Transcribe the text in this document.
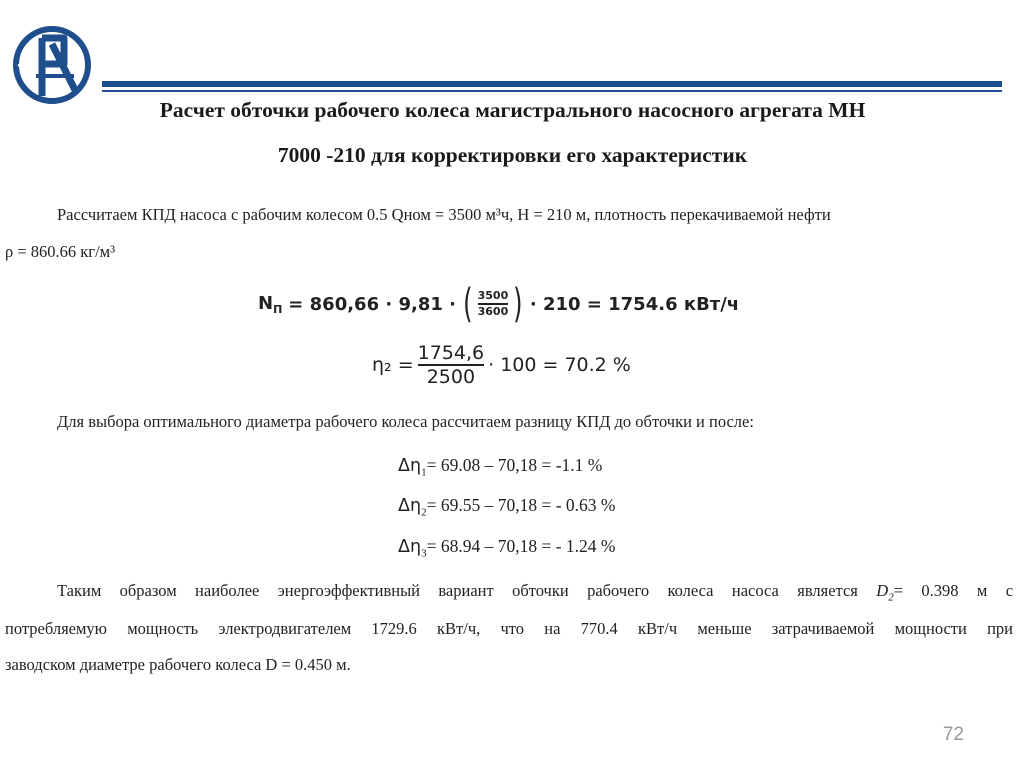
Расчет обточки рабочего колеса магистрального насосного агрегата МН
7000 -210 для корректировки его характеристик
Рассчитаем КПД насоса с рабочим колесом 0.5 Qном = 3500 м³ч, Н = 210 м, плотность перекачиваемой нефти
ρ = 860.66 кг/м³
$N_П = 860,66 \cdot 9,81$ · ( $\frac{3500}{3600}$ ) · 210 = 1754.6 кВт/ч
$\eta_2 = \frac{1754,6}{2500} \cdot 100 = 70.2$ %
Для выбора оптимального диаметра рабочего колеса рассчитаем разницу КПД до обточки и после:
$\Delta\eta_1= 69.08 - 70,18 = -1.1$ %
$\Delta\eta_2= 69.55 - 70,18$ = - 0.63 %
$\Delta\eta_3= 68.94 - 70,18$ = - 1.24 %
Таким образом наиболее энергоэффективный вариант обточки рабочего колеса насоса является $D_2= 0.398$ м с
потребляемую мощность электродвигателем 1729.6 кВт/ч, что на 770.4 кВт/ч меньше затрачиваемой мощности при
заводском диаметре рабочего колеса D = 0.450 м.
72
